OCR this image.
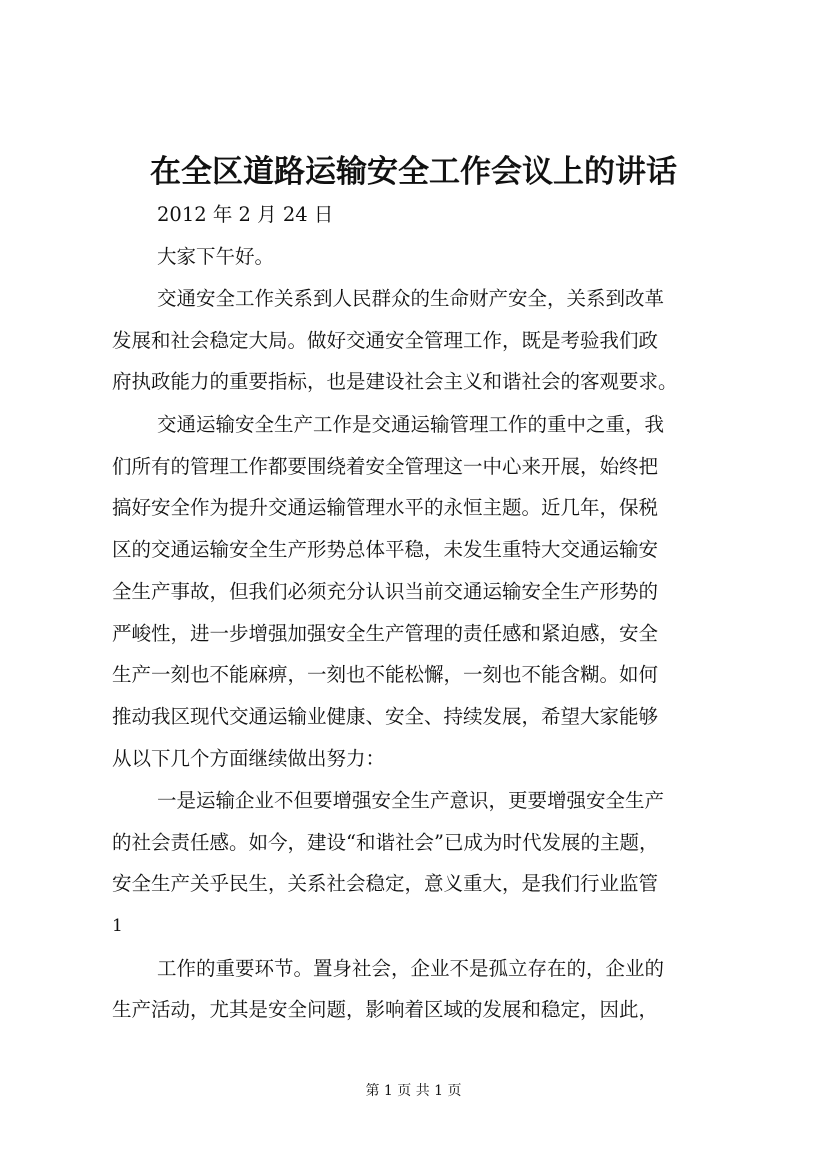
在全区道路运输安全工作会议上的讲话
2012 年 2 月 24 日
大家下午好。
交通安全工作关系到人民群众的生命财产安全，关系到改革
发展和社会稳定大局。做好交通安全管理工作，既是考验我们政
府执政能力的重要指标，也是建设社会主义和谐社会的客观要求。
交通运输安全生产工作是交通运输管理工作的重中之重，我
们所有的管理工作都要围绕着安全管理这一中心来开展，始终把
搞好安全作为提升交通运输管理水平的永恒主题。近几年，保税
区的交通运输安全生产形势总体平稳，未发生重特大交通运输安
全生产事故，但我们必须充分认识当前交通运输安全生产形势的
严峻性，进一步增强加强安全生产管理的责任感和紧迫感，安全
生产一刻也不能麻痹，一刻也不能松懈，一刻也不能含糊。如何
推动我区现代交通运输业健康、安全、持续发展，希望大家能够
从以下几个方面继续做出努力：
一是运输企业不但要增强安全生产意识，更要增强安全生产
的社会责任感。如今，建设“和谐社会”已成为时代发展的主题，
安全生产关乎民生，关系社会稳定，意义重大，是我们行业监管
1
工作的重要环节。置身社会，企业不是孤立存在的，企业的
生产活动，尤其是安全问题，影响着区域的发展和稳定，因此，
第 1 页 共 1 页
